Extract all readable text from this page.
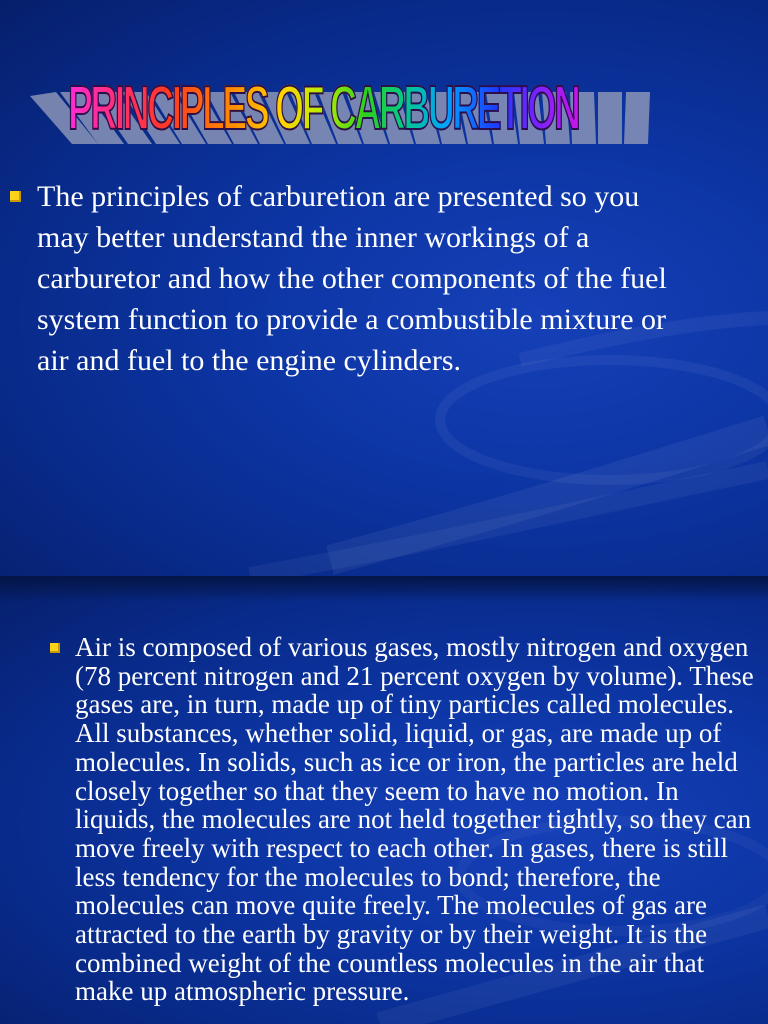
PRINCIPLES OF CARBURETION
The principles of carburetion are presented so you may better understand the inner workings of a carburetor and how the other components of the fuel system function to provide a combustible mixture or air and fuel to the engine cylinders.
Air is composed of various gases, mostly nitrogen and oxygen (78 percent nitrogen and 21 percent oxygen by volume). These gases are, in turn, made up of tiny particles called molecules. All substances, whether solid, liquid, or gas, are made up of molecules. In solids, such as ice or iron, the particles are held closely together so that they seem to have no motion. In liquids, the molecules are not held together tightly, so they can move freely with respect to each other. In gases, there is still less tendency for the molecules to bond; therefore, the molecules can move quite freely. The molecules of gas are attracted to the earth by gravity or by their weight. It is the combined weight of the countless molecules in the air that make up atmospheric pressure.
